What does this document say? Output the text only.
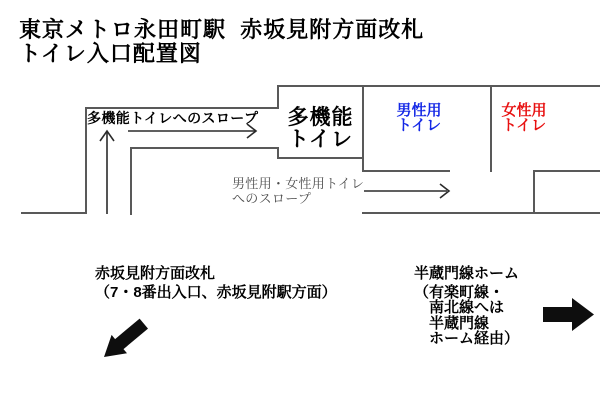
東京メトロ永田町駅  赤坂見附方面改札
トイレ入口配置図
多機能トイレへのスロープ	多機能
トイレ
男性用
トイレ
女性用
トイレ
男性用・女性用トイレ
へのスロープ
赤坂見附方面改札
（7・8番出入口、赤坂見附駅方面）
半蔵門線ホーム
（有楽町線・
　南北線へは
　半蔵門線
　ホーム経由）
